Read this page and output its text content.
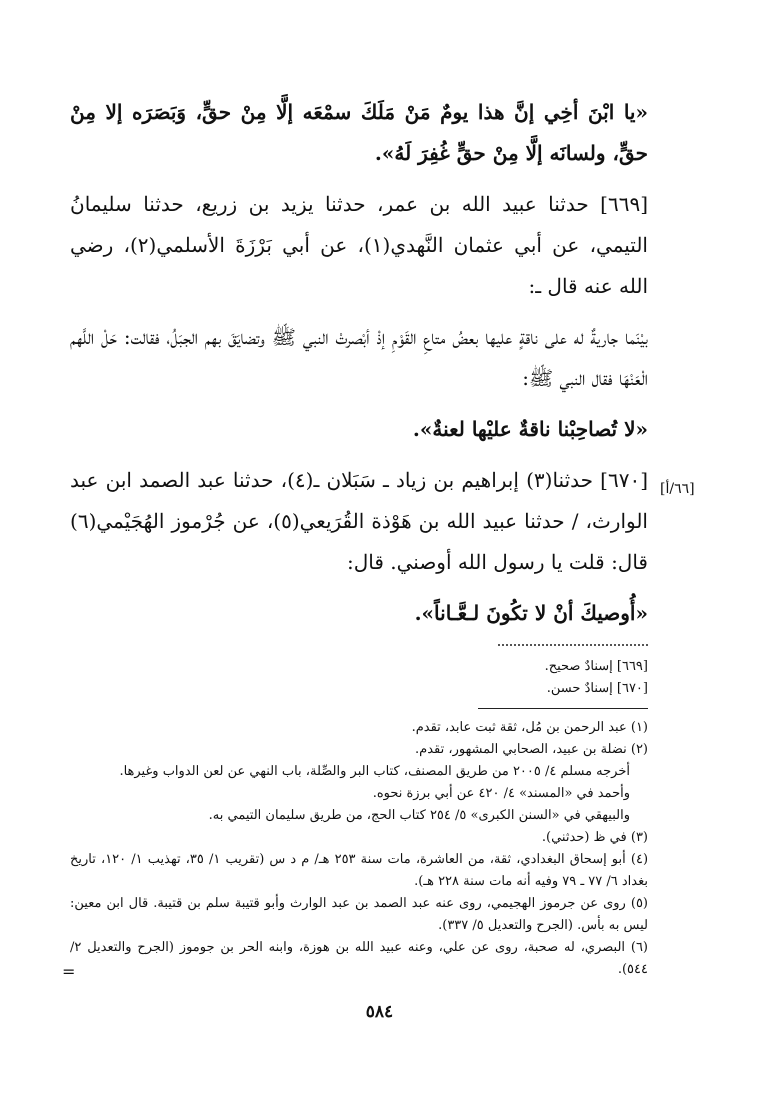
«يا ابْنَ أخِي إنَّ هذا يومٌ مَنْ مَلَكَ سمْعَه إلَّا مِنْ حقٍّ، وَبَصَرَه إلا مِنْ حقٍّ، ولسانَه إلَّا مِنْ حقٍّ غُفِرَ لَهُ».

[٦٦٩] حدثنا عبيد الله بن عمر، حدثنا يزيد بن زريع، حدثنا سليمانُ التيمي، عن أبي عثمان النَّهدي(١)، عن أبي بَرْزَةَ الأسلمي(٢)، رضي الله عنه قال ـ:

بيْنَما جاريةٌ له على ناقةٍ عليها بعضُ متاعِ القَوْمِ إذْ أبْصرتْ النبي ﷺ وتضايَقَ بهم الجبَلُ، فقالت: حَلْ اللَّهم الْعَنْهَا فقال النبي ﷺ:

«لا تُصاحِبْنا ناقةٌ عليْها لعنةٌ».

[٦٧٠] حدثنا(٣) إبراهيم بن زياد ـ سَبَلان ـ(٤)، حدثنا عبد الصمد ابن عبد الوارث، / حدثنا عبيد الله بن هَوْذة القُرَيعي(٥)، عن جُرْموز الهُجَيْمي(٦) قال: قلت يا رسول الله أوصني. قال:

«أُوصيكَ أنْ لا تكُونَ لـعَّـاناً».

[٦٦٩] إسنادٌ صحيح.
[٦٧٠] إسنادٌ حسن.
(١) عبد الرحمن بن مُل، ثقة ثبت عابد، تقدم.
(٢) نضلة بن عبيد، الصحابي المشهور، تقدم.
أخرجه مسلم ٤/ ٢٠٠٥ من طريق المصنف، كتاب البر والصِّلة، باب النهي عن لعن الدواب وغيرها.
وأحمد في «المسند» ٤/ ٤٢٠ عن أبي برزة نحوه.
والبيهقي في «السنن الكبرى» ٥/ ٢٥٤ كتاب الحج، من طريق سليمان التيمي به.
(٣) في ظ (حدثني).
(٤) أبو إسحاق البغدادي، ثقة، من العاشرة، مات سنة ٢٥٣ هـ/ م د س (تقريب ١/ ٣٥، تهذيب ١/ ١٢٠، تاريخ بغداد ٦/ ٧٧ ـ ٧٩ وفيه أنه مات سنة ٢٢٨ هـ).
(٥) روى عن جرموز الهجيمي، روى عنه عبد الصمد بن عبد الوارث وأبو قتيبة سلم بن قتيبة. قال ابن معين: ليس به بأس. (الجرح والتعديل ٥/ ٣٣٧).
(٦) البصري، له صحبة، روى عن علي، وعنه عبيد الله بن هوزة، وابنه الحر بن جوموز (الجرح والتعديل ٢/ ٥٤٤).
[٦٦/أ]
=
٥٨٤
